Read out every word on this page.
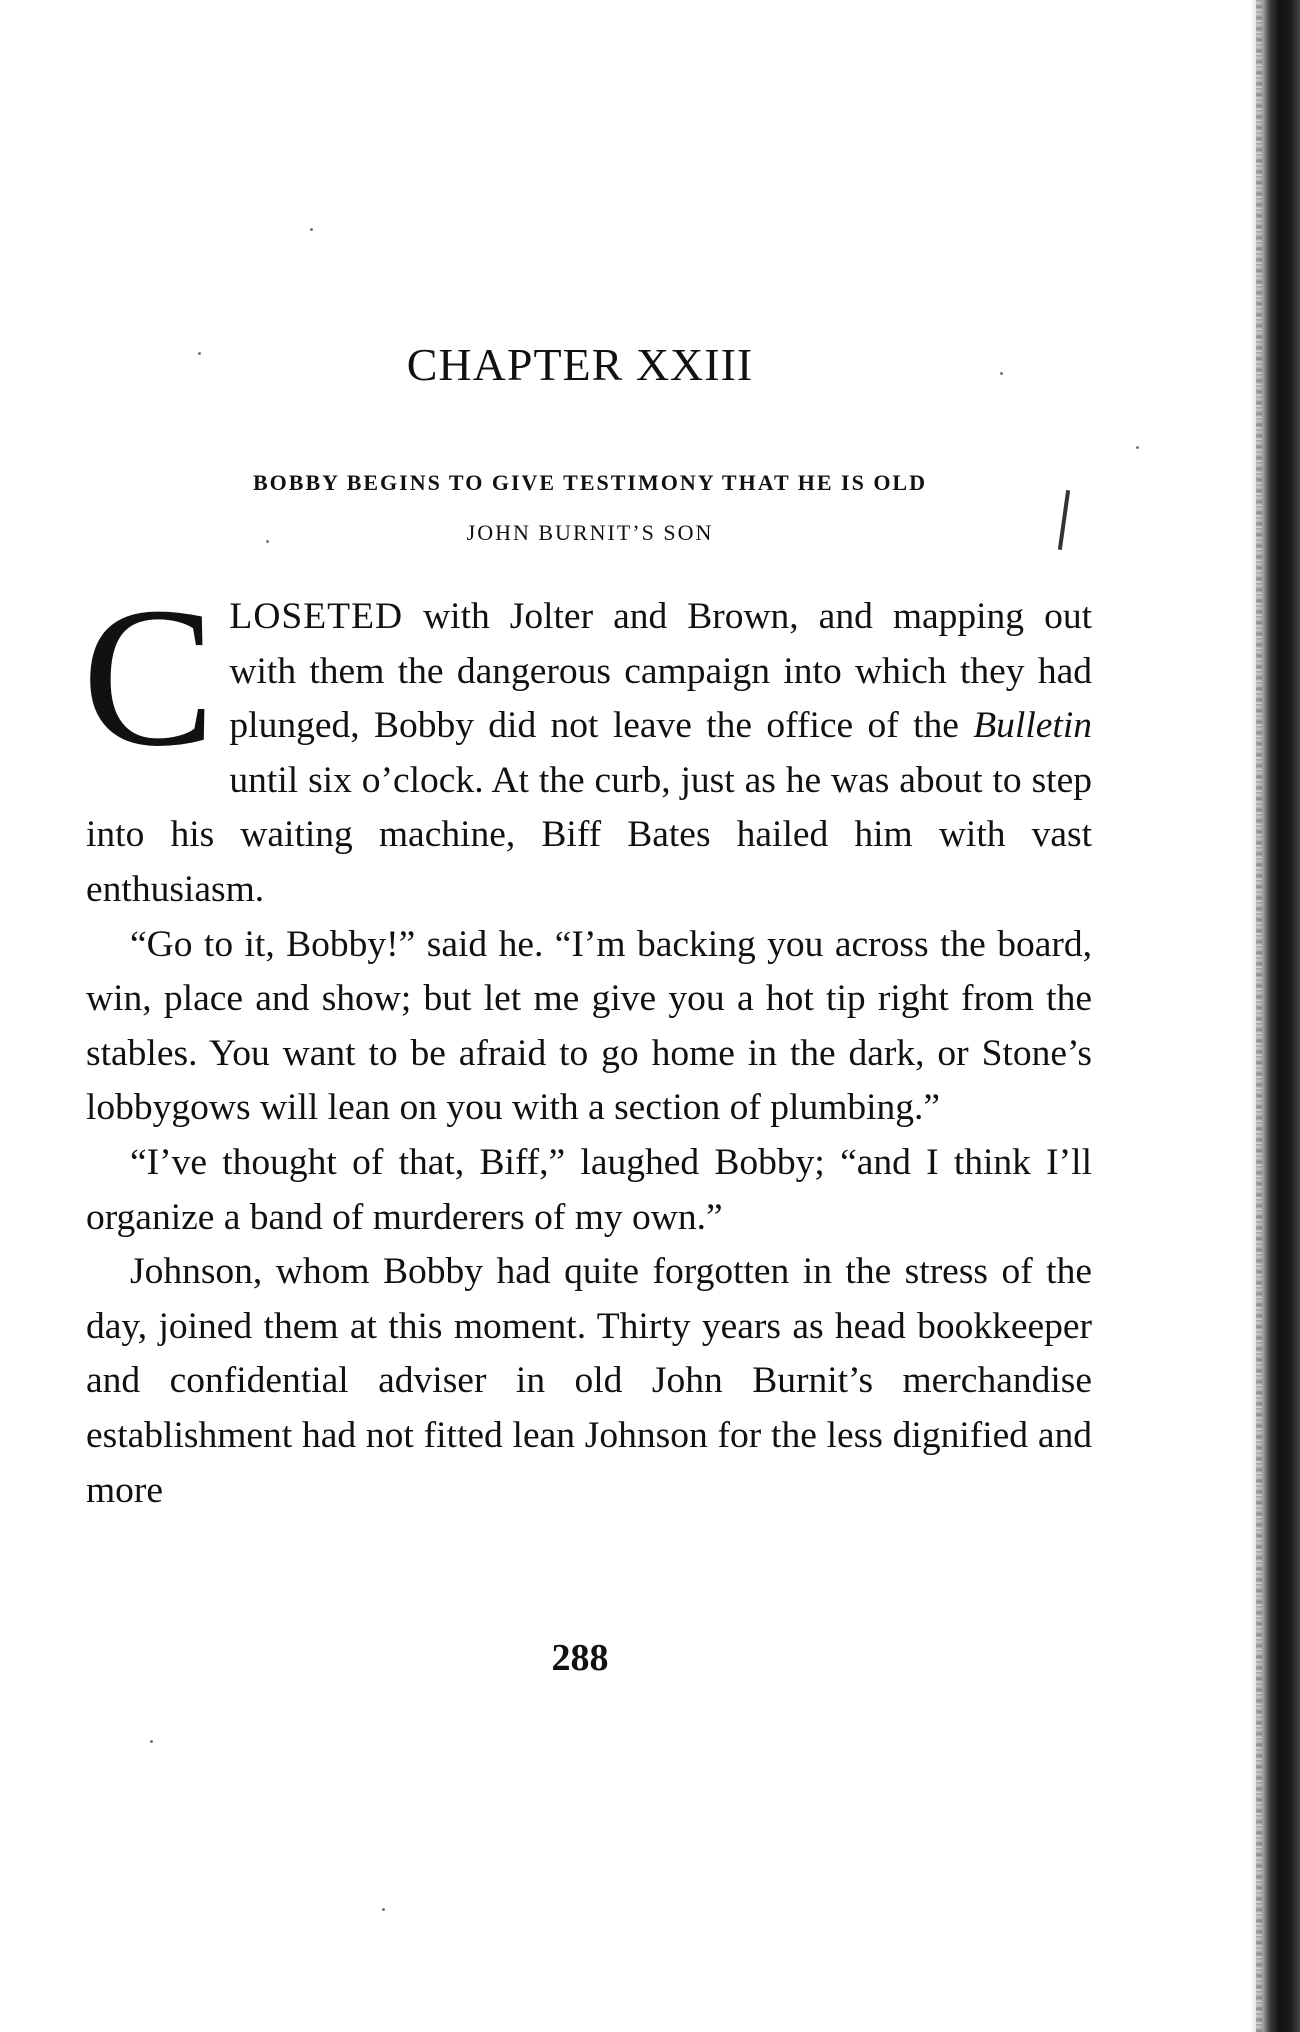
CHAPTER XXIII
BOBBY BEGINS TO GIVE TESTIMONY THAT HE IS OLD
JOHN BURNIT’S SON

CLOSETED with Jolter and Brown, and mapping out with them the dangerous campaign into which they had plunged, Bobby did not leave the office of the Bulletin until six o’clock. At the curb, just as he was about to step into his waiting machine, Biff Bates hailed him with vast enthusiasm.

“Go to it, Bobby!” said he. “I’m backing you across the board, win, place and show; but let me give you a hot tip right from the stables. You want to be afraid to go home in the dark, or Stone’s lobbygows will lean on you with a section of plumbing.”

“I’ve thought of that, Biff,” laughed Bobby; “and I think I’ll organize a band of murderers of my own.”

Johnson, whom Bobby had quite forgotten in the stress of the day, joined them at this moment. Thirty years as head bookkeeper and confidential adviser in old John Burnit’s merchandise establishment had not fitted lean Johnson for the less dignified and more

288
